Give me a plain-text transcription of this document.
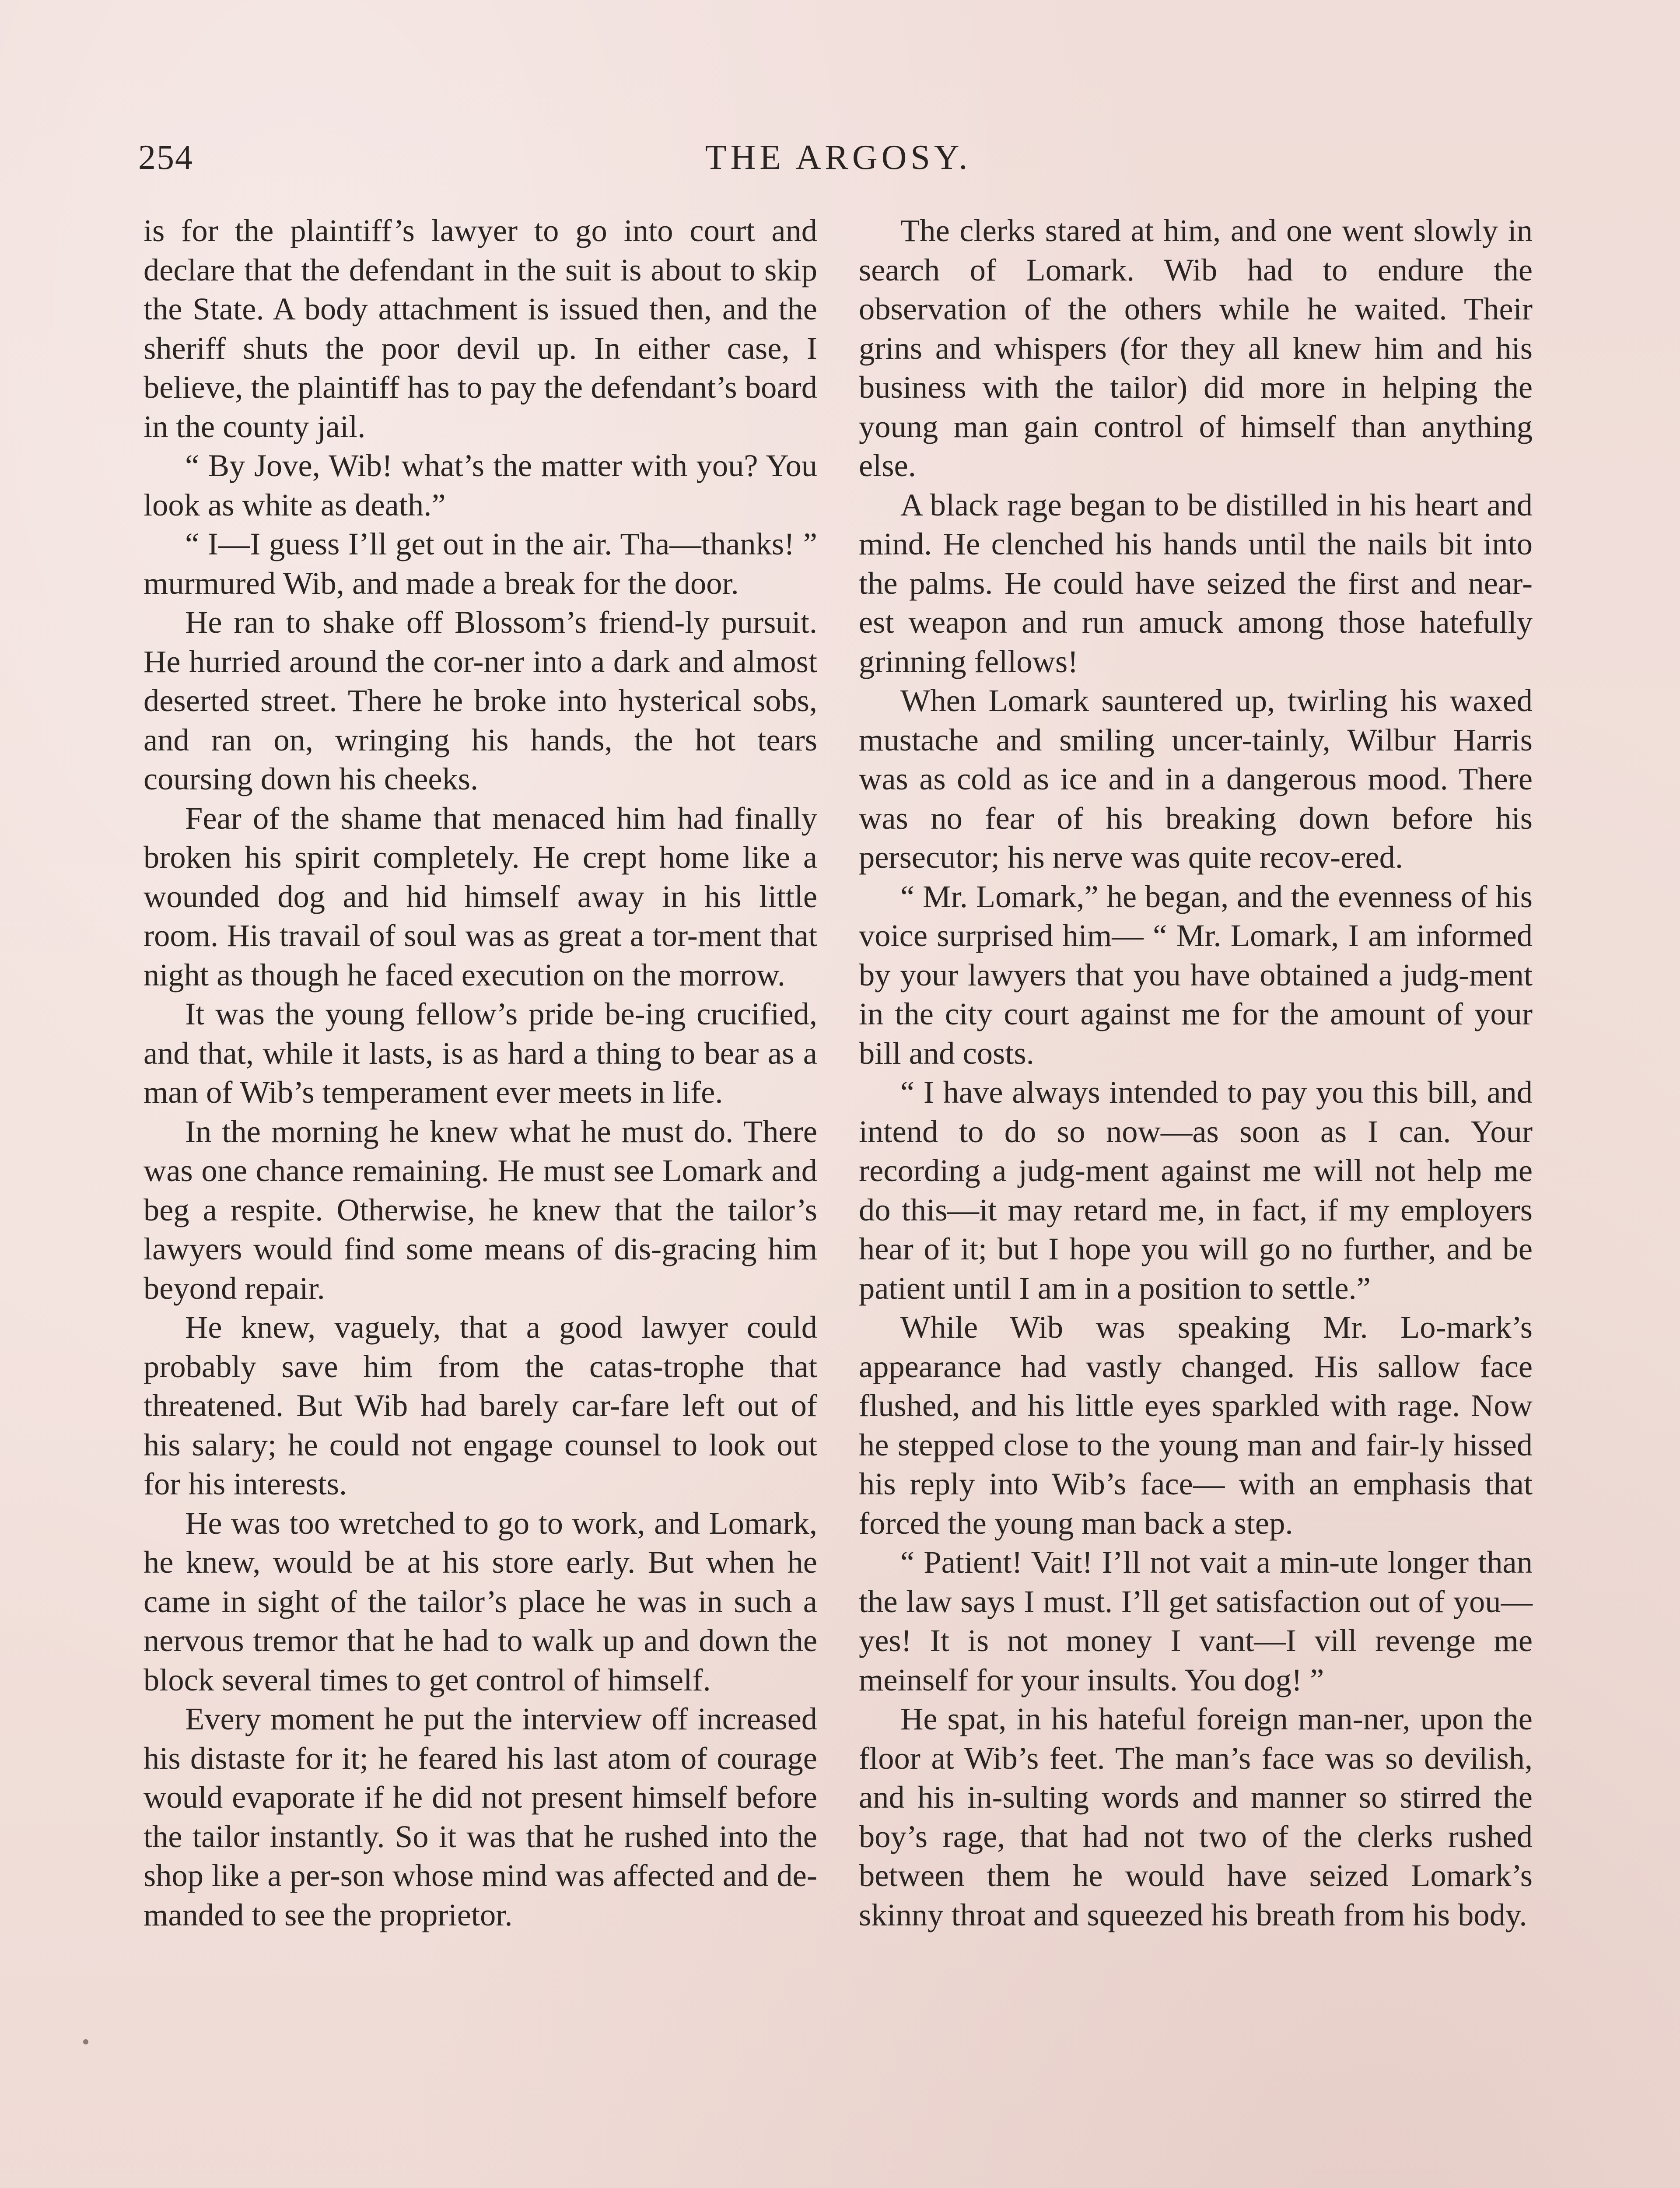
254	THE ARGOSY.

is for the plaintiff’s lawyer to go into court and declare that the defendant in the suit is about to skip the State. A body attachment is issued then, and the sheriff shuts the poor devil up. In either case, I believe, the plaintiff has to pay the defendant’s board in the county jail.

“ By Jove, Wib! what’s the matter with you? You look as white as death.”

“ I—I guess I’ll get out in the air. Tha—thanks! ” murmured Wib, and made a break for the door.

He ran to shake off Blossom’s friend-ly pursuit. He hurried around the cor-ner into a dark and almost deserted street. There he broke into hysterical sobs, and ran on, wringing his hands, the hot tears coursing down his cheeks.

Fear of the shame that menaced him had finally broken his spirit completely. He crept home like a wounded dog and hid himself away in his little room. His travail of soul was as great a tor-ment that night as though he faced execution on the morrow.

It was the young fellow’s pride be-ing crucified, and that, while it lasts, is as hard a thing to bear as a man of Wib’s temperament ever meets in life.

In the morning he knew what he must do. There was one chance remaining. He must see Lomark and beg a respite. Otherwise, he knew that the tailor’s lawyers would find some means of dis-gracing him beyond repair.

He knew, vaguely, that a good lawyer could probably save him from the catas-trophe that threatened. But Wib had barely car-fare left out of his salary; he could not engage counsel to look out for his interests.

He was too wretched to go to work, and Lomark, he knew, would be at his store early. But when he came in sight of the tailor’s place he was in such a nervous tremor that he had to walk up and down the block several times to get control of himself.

Every moment he put the interview off increased his distaste for it; he feared his last atom of courage would evaporate if he did not present himself before the tailor instantly. So it was that he rushed into the shop like a per-son whose mind was affected and de-manded to see the proprietor.

The clerks stared at him, and one went slowly in search of Lomark. Wib had to endure the observation of the others while he waited. Their grins and whispers (for they all knew him and his business with the tailor) did more in helping the young man gain control of himself than anything else.

A black rage began to be distilled in his heart and mind. He clenched his hands until the nails bit into the palms. He could have seized the first and near-est weapon and run amuck among those hatefully grinning fellows!

When Lomark sauntered up, twirling his waxed mustache and smiling uncer-tainly, Wilbur Harris was as cold as ice and in a dangerous mood. There was no fear of his breaking down before his persecutor; his nerve was quite recov-ered.

“ Mr. Lomark,” he began, and the evenness of his voice surprised him— “ Mr. Lomark, I am informed by your lawyers that you have obtained a judg-ment in the city court against me for the amount of your bill and costs.

“ I have always intended to pay you this bill, and intend to do so now—as soon as I can. Your recording a judg-ment against me will not help me do this—it may retard me, in fact, if my employers hear of it; but I hope you will go no further, and be patient until I am in a position to settle.”

While Wib was speaking Mr. Lo-mark’s appearance had vastly changed. His sallow face flushed, and his little eyes sparkled with rage. Now he stepped close to the young man and fair-ly hissed his reply into Wib’s face— with an emphasis that forced the young man back a step.

“ Patient! Vait! I’ll not vait a min-ute longer than the law says I must. I’ll get satisfaction out of you—yes! It is not money I vant—I vill revenge me meinself for your insults. You dog! ”

He spat, in his hateful foreign man-ner, upon the floor at Wib’s feet. The man’s face was so devilish, and his in-sulting words and manner so stirred the boy’s rage, that had not two of the clerks rushed between them he would have seized Lomark’s skinny throat and squeezed his breath from his body.
